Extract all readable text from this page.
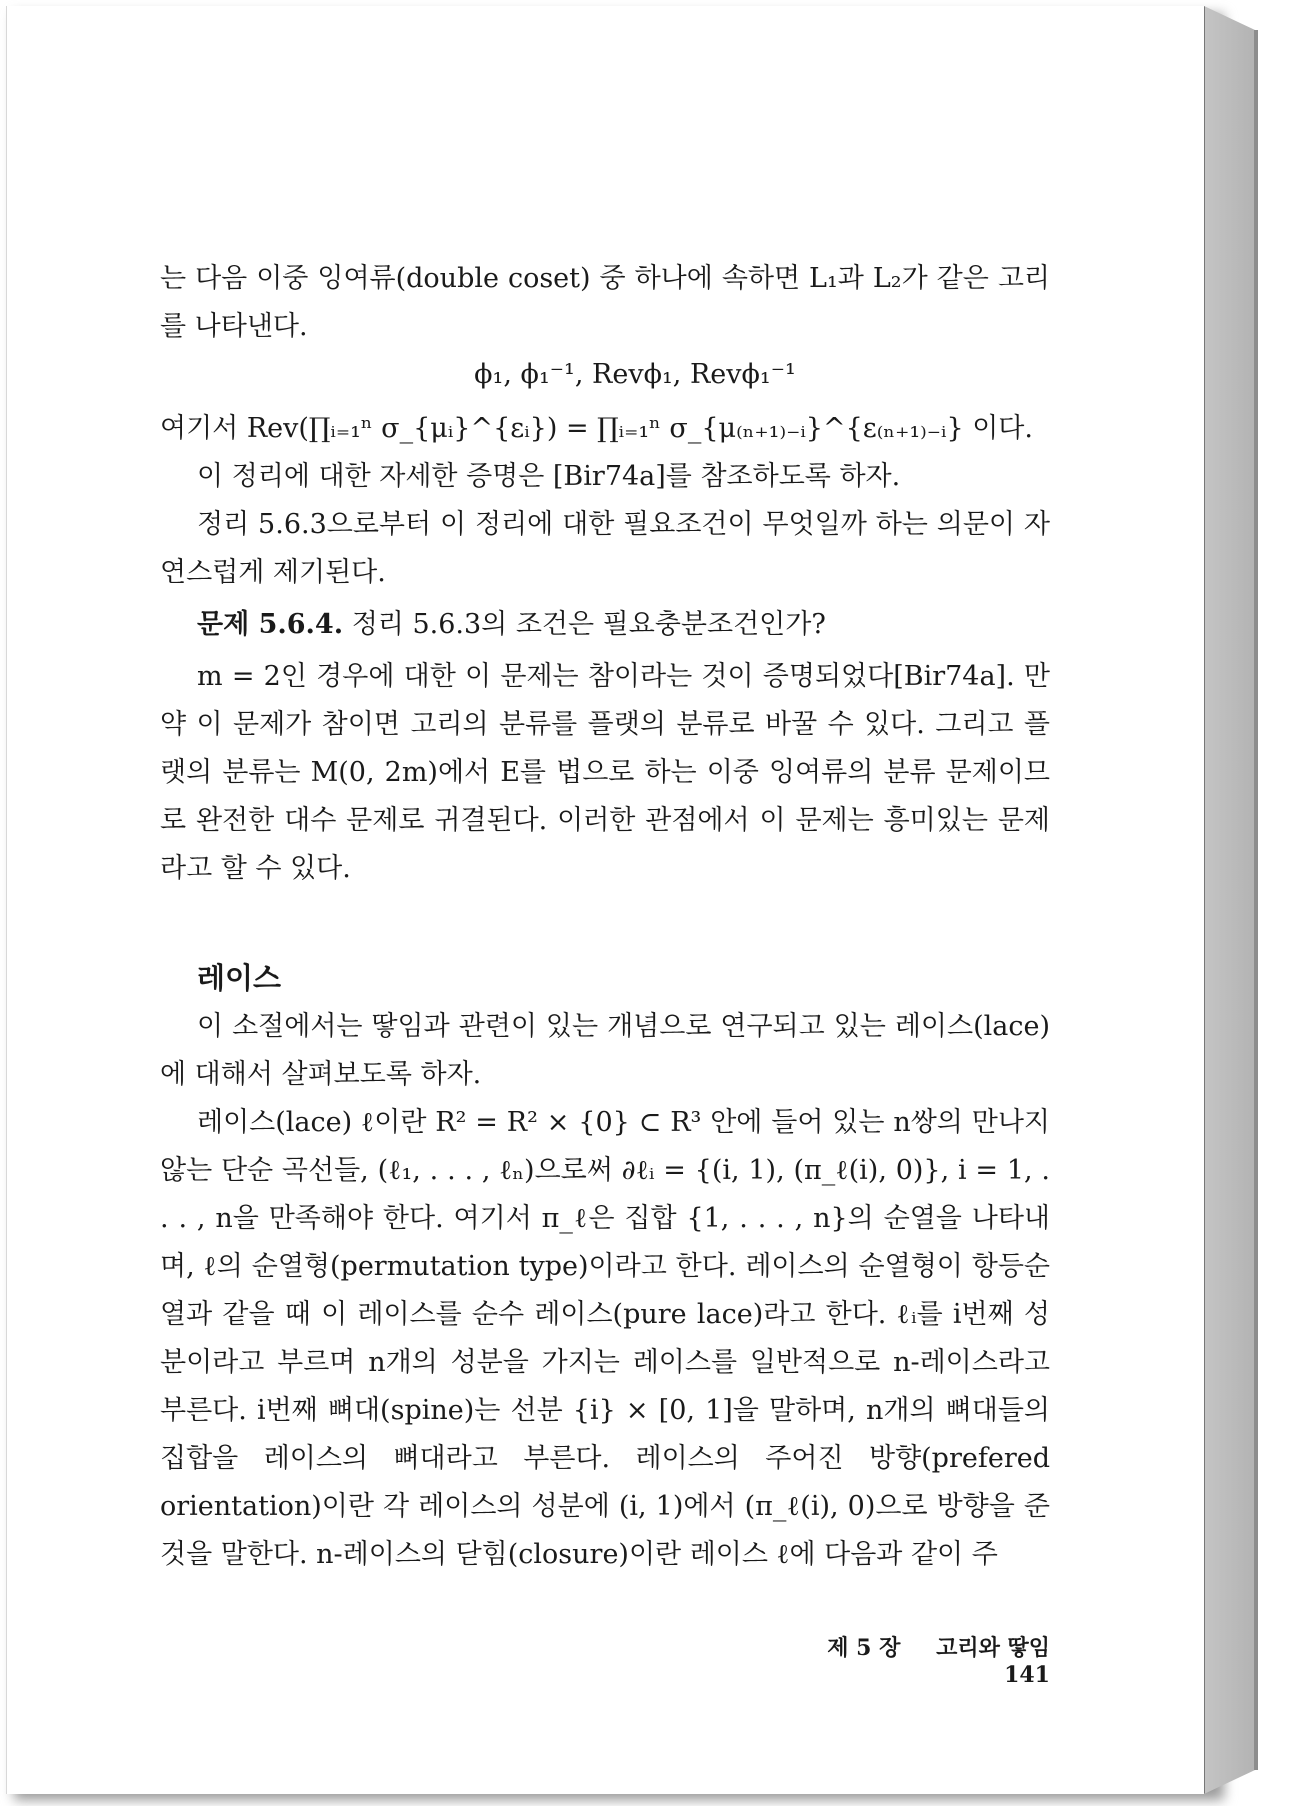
는 다음 이중 잉여류(double coset) 중 하나에 속하면 L₁과 L₂가 같은 고리를 나타낸다.

ϕ₁, ϕ₁⁻¹, Revϕ₁, Revϕ₁⁻¹

여기서 Rev(∏ᵢ₌₁ⁿ σ_{μᵢ}^{εᵢ}) = ∏ᵢ₌₁ⁿ σ_{μ₍ₙ₊₁₎₋ᵢ}^{ε₍ₙ₊₁₎₋ᵢ} 이다.

이 정리에 대한 자세한 증명은 [Bir74a]를 참조하도록 하자.

정리 5.6.3으로부터 이 정리에 대한 필요조건이 무엇일까 하는 의문이 자연스럽게 제기된다.

문제 5.6.4. 정리 5.6.3의 조건은 필요충분조건인가?

m = 2인 경우에 대한 이 문제는 참이라는 것이 증명되었다[Bir74a]. 만약 이 문제가 참이면 고리의 분류를 플랫의 분류로 바꿀 수 있다. 그리고 플랫의 분류는 M(0, 2m)에서 E를 법으로 하는 이중 잉여류의 분류 문제이므로 완전한 대수 문제로 귀결된다. 이러한 관점에서 이 문제는 흥미있는 문제라고 할 수 있다.

레이스

이 소절에서는 땋임과 관련이 있는 개념으로 연구되고 있는 레이스(lace)에 대해서 살펴보도록 하자.

레이스(lace) ℓ이란 R² = R² × {0} ⊂ R³ 안에 들어 있는 n쌍의 만나지 않는 단순 곡선들, (ℓ₁, . . . , ℓₙ)으로써 ∂ℓᵢ = {(i, 1), (π_ℓ(i), 0)}, i = 1, . . . , n을 만족해야 한다. 여기서 π_ℓ은 집합 {1, . . . , n}의 순열을 나타내며, ℓ의 순열형(permutation type)이라고 한다. 레이스의 순열형이 항등순열과 같을 때 이 레이스를 순수 레이스(pure lace)라고 한다. ℓᵢ를 i번째 성분이라고 부르며 n개의 성분을 가지는 레이스를 일반적으로 n-레이스라고 부른다. i번째 뼈대(spine)는 선분 {i} × [0, 1]을 말하며, n개의 뼈대들의 집합을 레이스의 뼈대라고 부른다. 레이스의 주어진 방향(prefered orientation)이란 각 레이스의 성분에 (i, 1)에서 (π_ℓ(i), 0)으로 방향을 준 것을 말한다. n-레이스의 닫힘(closure)이란 레이스 ℓ에 다음과 같이 주

제 5 장 고리와 땋임 141
